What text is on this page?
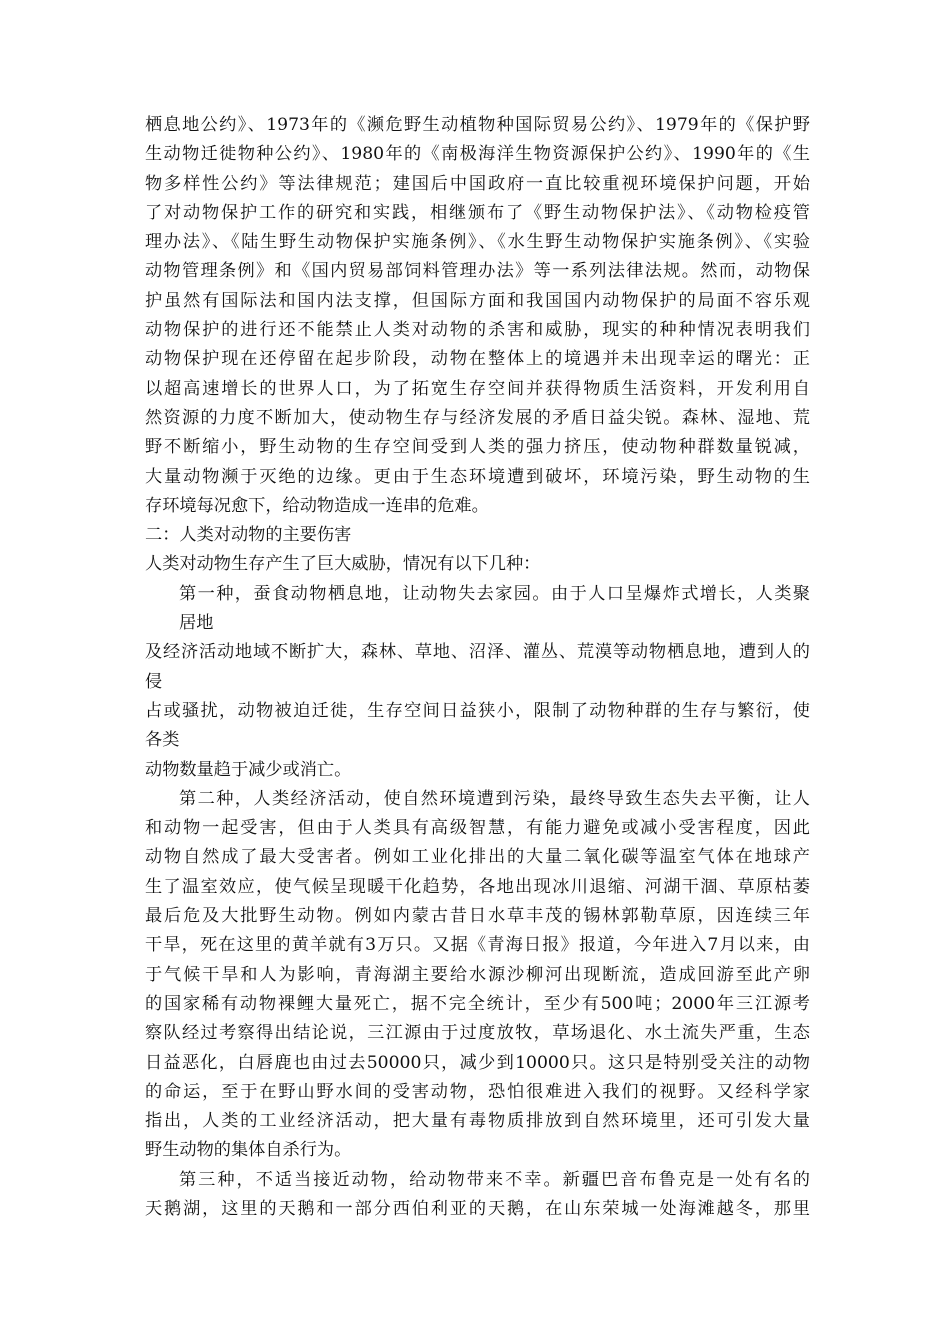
栖息地公约》、1973年的《濒危野生动植物种国际贸易公约》、1979年的《保护野
生动物迁徙物种公约》、1980年的《南极海洋生物资源保护公约》、1990年的《生
物多样性公约》等法律规范；建国后中国政府一直比较重视环境保护问题，开始
了对动物保护工作的研究和实践，相继颁布了《野生动物保护法》、《动物检疫管
理办法》、《陆生野生动物保护实施条例》、《水生野生动物保护实施条例》、《实验
动物管理条例》和《国内贸易部饲料管理办法》等一系列法律法规。然而，动物保
护虽然有国际法和国内法支撑，但国际方面和我国国内动物保护的局面不容乐观
动物保护的进行还不能禁止人类对动物的杀害和威胁，现实的种种情况表明我们
动物保护现在还停留在起步阶段，动物在整体上的境遇并未出现幸运的曙光：正
以超高速增长的世界人口，为了拓宽生存空间并获得物质生活资料，开发利用自
然资源的力度不断加大，使动物生存与经济发展的矛盾日益尖锐。森林、湿地、荒
野不断缩小，野生动物的生存空间受到人类的强力挤压，使动物种群数量锐减，
大量动物濒于灭绝的边缘。更由于生态环境遭到破坏，环境污染，野生动物的生
存环境每况愈下，给动物造成一连串的危难。
二：人类对动物的主要伤害
人类对动物生存产生了巨大威胁，情况有以下几种：
第一种，蚕食动物栖息地，让动物失去家园。由于人口呈爆炸式增长，人类聚
居地
及经济活动地域不断扩大，森林、草地、沼泽、灌丛、荒漠等动物栖息地，遭到人的
侵
占或骚扰，动物被迫迁徙，生存空间日益狭小，限制了动物种群的生存与繁衍，使
各类
动物数量趋于减少或消亡。
第二种，人类经济活动，使自然环境遭到污染，最终导致生态失去平衡，让人
和动物一起受害，但由于人类具有高级智慧，有能力避免或减小受害程度，因此
动物自然成了最大受害者。例如工业化排出的大量二氧化碳等温室气体在地球产
生了温室效应，使气候呈现暖干化趋势，各地出现冰川退缩、河湖干涸、草原枯萎
最后危及大批野生动物。例如内蒙古昔日水草丰茂的锡林郭勒草原，因连续三年
干旱，死在这里的黄羊就有3万只。又据《青海日报》报道，今年进入7月以来，由
于气候干旱和人为影响，青海湖主要给水源沙柳河出现断流，造成回游至此产卵
的国家稀有动物裸鲤大量死亡，据不完全统计，至少有500吨；2000年三江源考
察队经过考察得出结论说，三江源由于过度放牧，草场退化、水土流失严重，生态
日益恶化，白唇鹿也由过去50000只，减少到10000只。这只是特别受关注的动物
的命运，至于在野山野水间的受害动物，恐怕很难进入我们的视野。又经科学家
指出，人类的工业经济活动，把大量有毒物质排放到自然环境里，还可引发大量
野生动物的集体自杀行为。
第三种，不适当接近动物，给动物带来不幸。新疆巴音布鲁克是一处有名的
天鹅湖，这里的天鹅和一部分西伯利亚的天鹅，在山东荣城一处海滩越冬，那里
